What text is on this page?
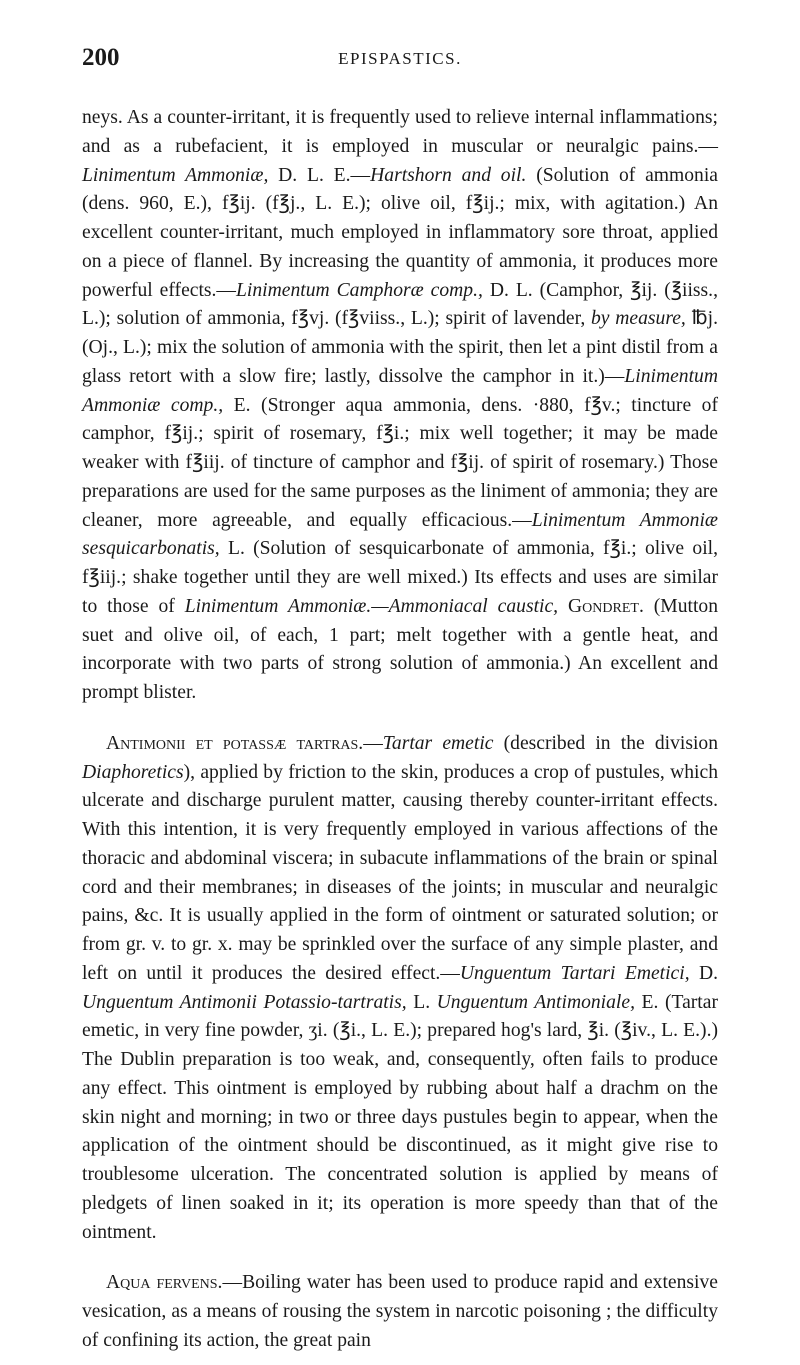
200	EPISPASTICS.

neys. As a counter-irritant, it is frequently used to relieve internal inflammations; and as a rubefacient, it is employed in muscular or neuralgic pains.—Linimentum Ammoniæ, D. L. E.—Hartshorn and oil. (Solution of ammonia (dens. 960, E.), f℥ij. (f℥j., L. E.); olive oil, f℥ij.; mix, with agitation.) An excellent counter-irritant, much employed in inflammatory sore throat, applied on a piece of flannel. By increasing the quantity of ammonia, it produces more powerful effects.—Linimentum Camphoræ comp., D. L. (Camphor, ℥ij. (℥iiss., L.); solution of ammonia, f℥vj. (f℥viiss., L.); spirit of lavender, by measure, ℔j. (Oj., L.); mix the solution of ammonia with the spirit, then let a pint distil from a glass retort with a slow fire; lastly, dissolve the camphor in it.)—Linimentum Ammoniæ comp., E. (Stronger aqua ammonia, dens. ·880, f℥v.; tincture of camphor, f℥ij.; spirit of rosemary, f℥i.; mix well together; it may be made weaker with f℥iij. of tincture of camphor and f℥ij. of spirit of rosemary.) Those preparations are used for the same purposes as the liniment of ammonia; they are cleaner, more agreeable, and equally efficacious.—Linimentum Ammoniæ sesquicarbonatis, L. (Solution of sesquicarbonate of ammonia, f℥i.; olive oil, f℥iij.; shake together until they are well mixed.) Its effects and uses are similar to those of Linimentum Ammoniæ.—Ammoniacal caustic, Gondret. (Mutton suet and olive oil, of each, 1 part; melt together with a gentle heat, and incorporate with two parts of strong solution of ammonia.) An excellent and prompt blister.

Antimonii et potassæ tartras.—Tartar emetic (described in the division Diaphoretics), applied by friction to the skin, produces a crop of pustules, which ulcerate and discharge purulent matter, causing thereby counter-irritant effects. With this intention, it is very frequently employed in various affections of the thoracic and abdominal viscera; in subacute inflammations of the brain or spinal cord and their membranes; in diseases of the joints; in muscular and neuralgic pains, &c. It is usually applied in the form of ointment or saturated solution; or from gr. v. to gr. x. may be sprinkled over the surface of any simple plaster, and left on until it produces the desired effect.—Unguentum Tartari Emetici, D. Unguentum Antimonii Potassio-tartratis, L. Unguentum Antimoniale, E. (Tartar emetic, in very fine powder, ʒi. (℥i., L. E.); prepared hog's lard, ℥i. (℥iv., L. E.).) The Dublin preparation is too weak, and, consequently, often fails to produce any effect. This ointment is employed by rubbing about half a drachm on the skin night and morning; in two or three days pustules begin to appear, when the application of the ointment should be discontinued, as it might give rise to troublesome ulceration. The concentrated solution is applied by means of pledgets of linen soaked in it; its operation is more speedy than that of the ointment.

Aqua fervens.—Boiling water has been used to produce rapid and extensive vesication, as a means of rousing the system in narcotic poisoning ; the difficulty of confining its action, the great pain
